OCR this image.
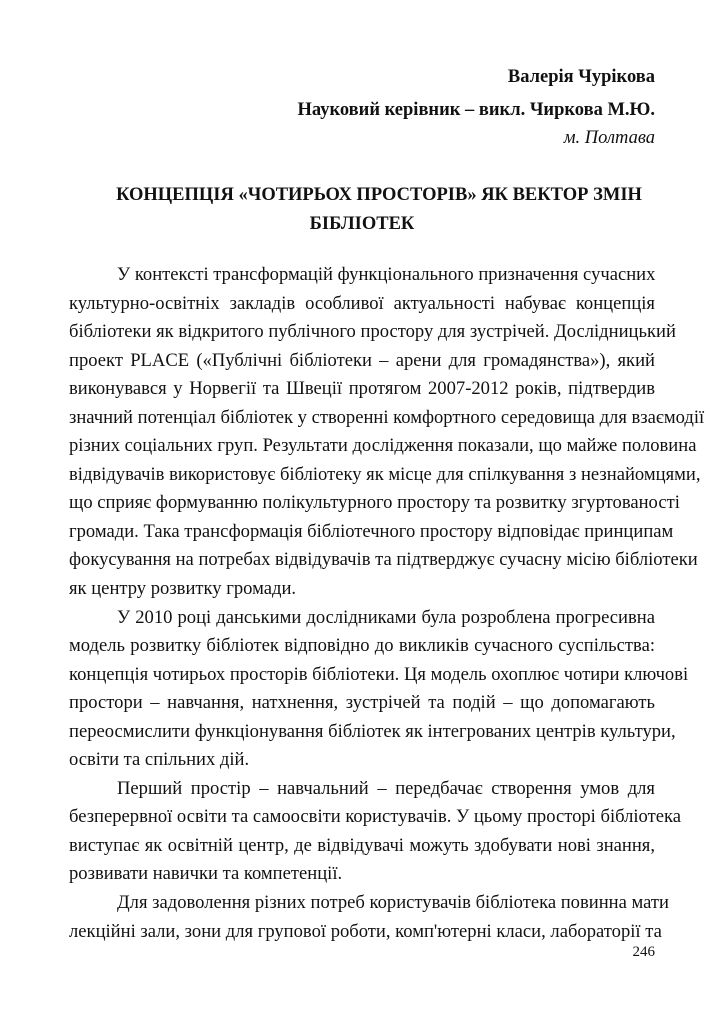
Валерія Чурікова
Науковий керівник – викл. Чиркова М.Ю.
м. Полтава
КОНЦЕПЦІЯ «ЧОТИРЬОХ ПРОСТОРІВ» ЯК ВЕКТОР ЗМІН
БІБЛІОТЕК
У контексті трансформацій функціонального призначення сучасних
культурно-освітніх закладів особливої актуальності набуває концепція
бібліотеки як відкритого публічного простору для зустрічей. Дослідницький
проект PLACE («Публічні бібліотеки – арени для громадянства»), який
виконувався у Норвегії та Швеції протягом 2007-2012 років, підтвердив
значний потенціал бібліотек у створенні комфортного середовища для взаємодії
різних соціальних груп. Результати дослідження показали, що майже половина
відвідувачів використовує бібліотеку як місце для спілкування з незнайомцями,
що сприяє формуванню полікультурного простору та розвитку згуртованості
громади. Така трансформація бібліотечного простору відповідає принципам
фокусування на потребах відвідувачів та підтверджує сучасну місію бібліотеки
як центру розвитку громади.
У 2010 році данськими дослідниками була розроблена прогресивна
модель розвитку бібліотек відповідно до викликів сучасного суспільства:
концепція чотирьох просторів бібліотеки. Ця модель охоплює чотири ключові
простори – навчання, натхнення, зустрічей та подій – що допомагають
переосмислити функціонування бібліотек як інтегрованих центрів культури,
освіти та спільних дій.
Перший простір – навчальний – передбачає створення умов для
безперервної освіти та самоосвіти користувачів. У цьому просторі бібліотека
виступає як освітній центр, де відвідувачі можуть здобувати нові знання,
розвивати навички та компетенції.
Для задоволення різних потреб користувачів бібліотека повинна мати
лекційні зали, зони для групової роботи, комп'ютерні класи, лабораторії та
246
